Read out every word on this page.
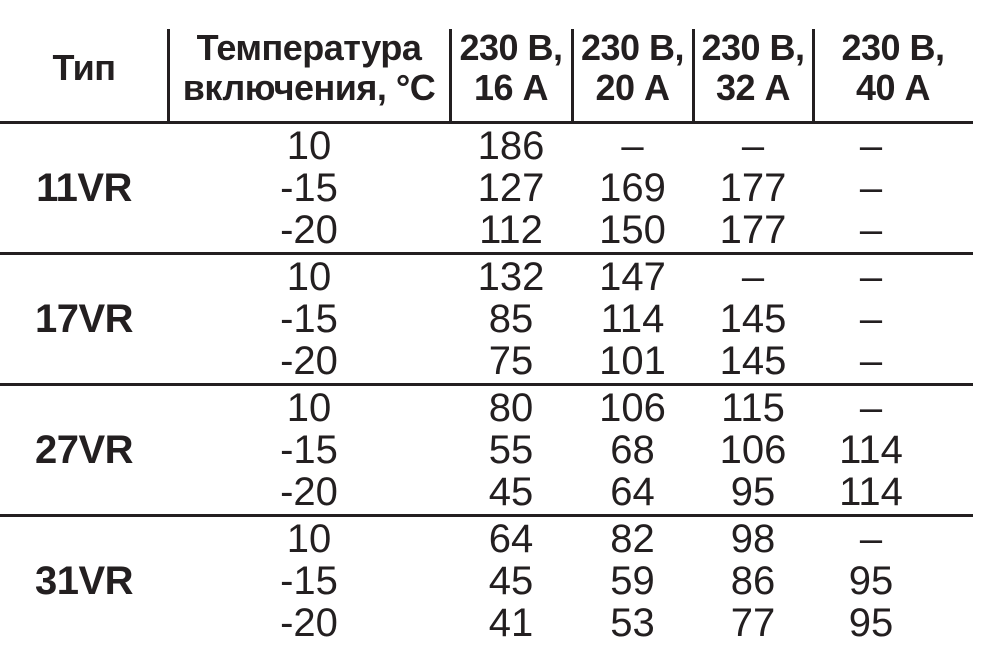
Тип	Температура
включения, °С
230 В,
16 А
230 В,
20 А
230 В,
32 А
230 В,
40 А
11VR
10
-15
-20
186
127
112
–
169
150
–
177
177
–
–
–
17VR
10
-15
-20
132
85
75
147
114
101
–
145
145
–
–
–
27VR
10
-15
-20
80
55
45
106
68
64
115
106
95
–
114
114
31VR
10
-15
-20
64
45
41
82
59
53
98
86
77
–
95
95
